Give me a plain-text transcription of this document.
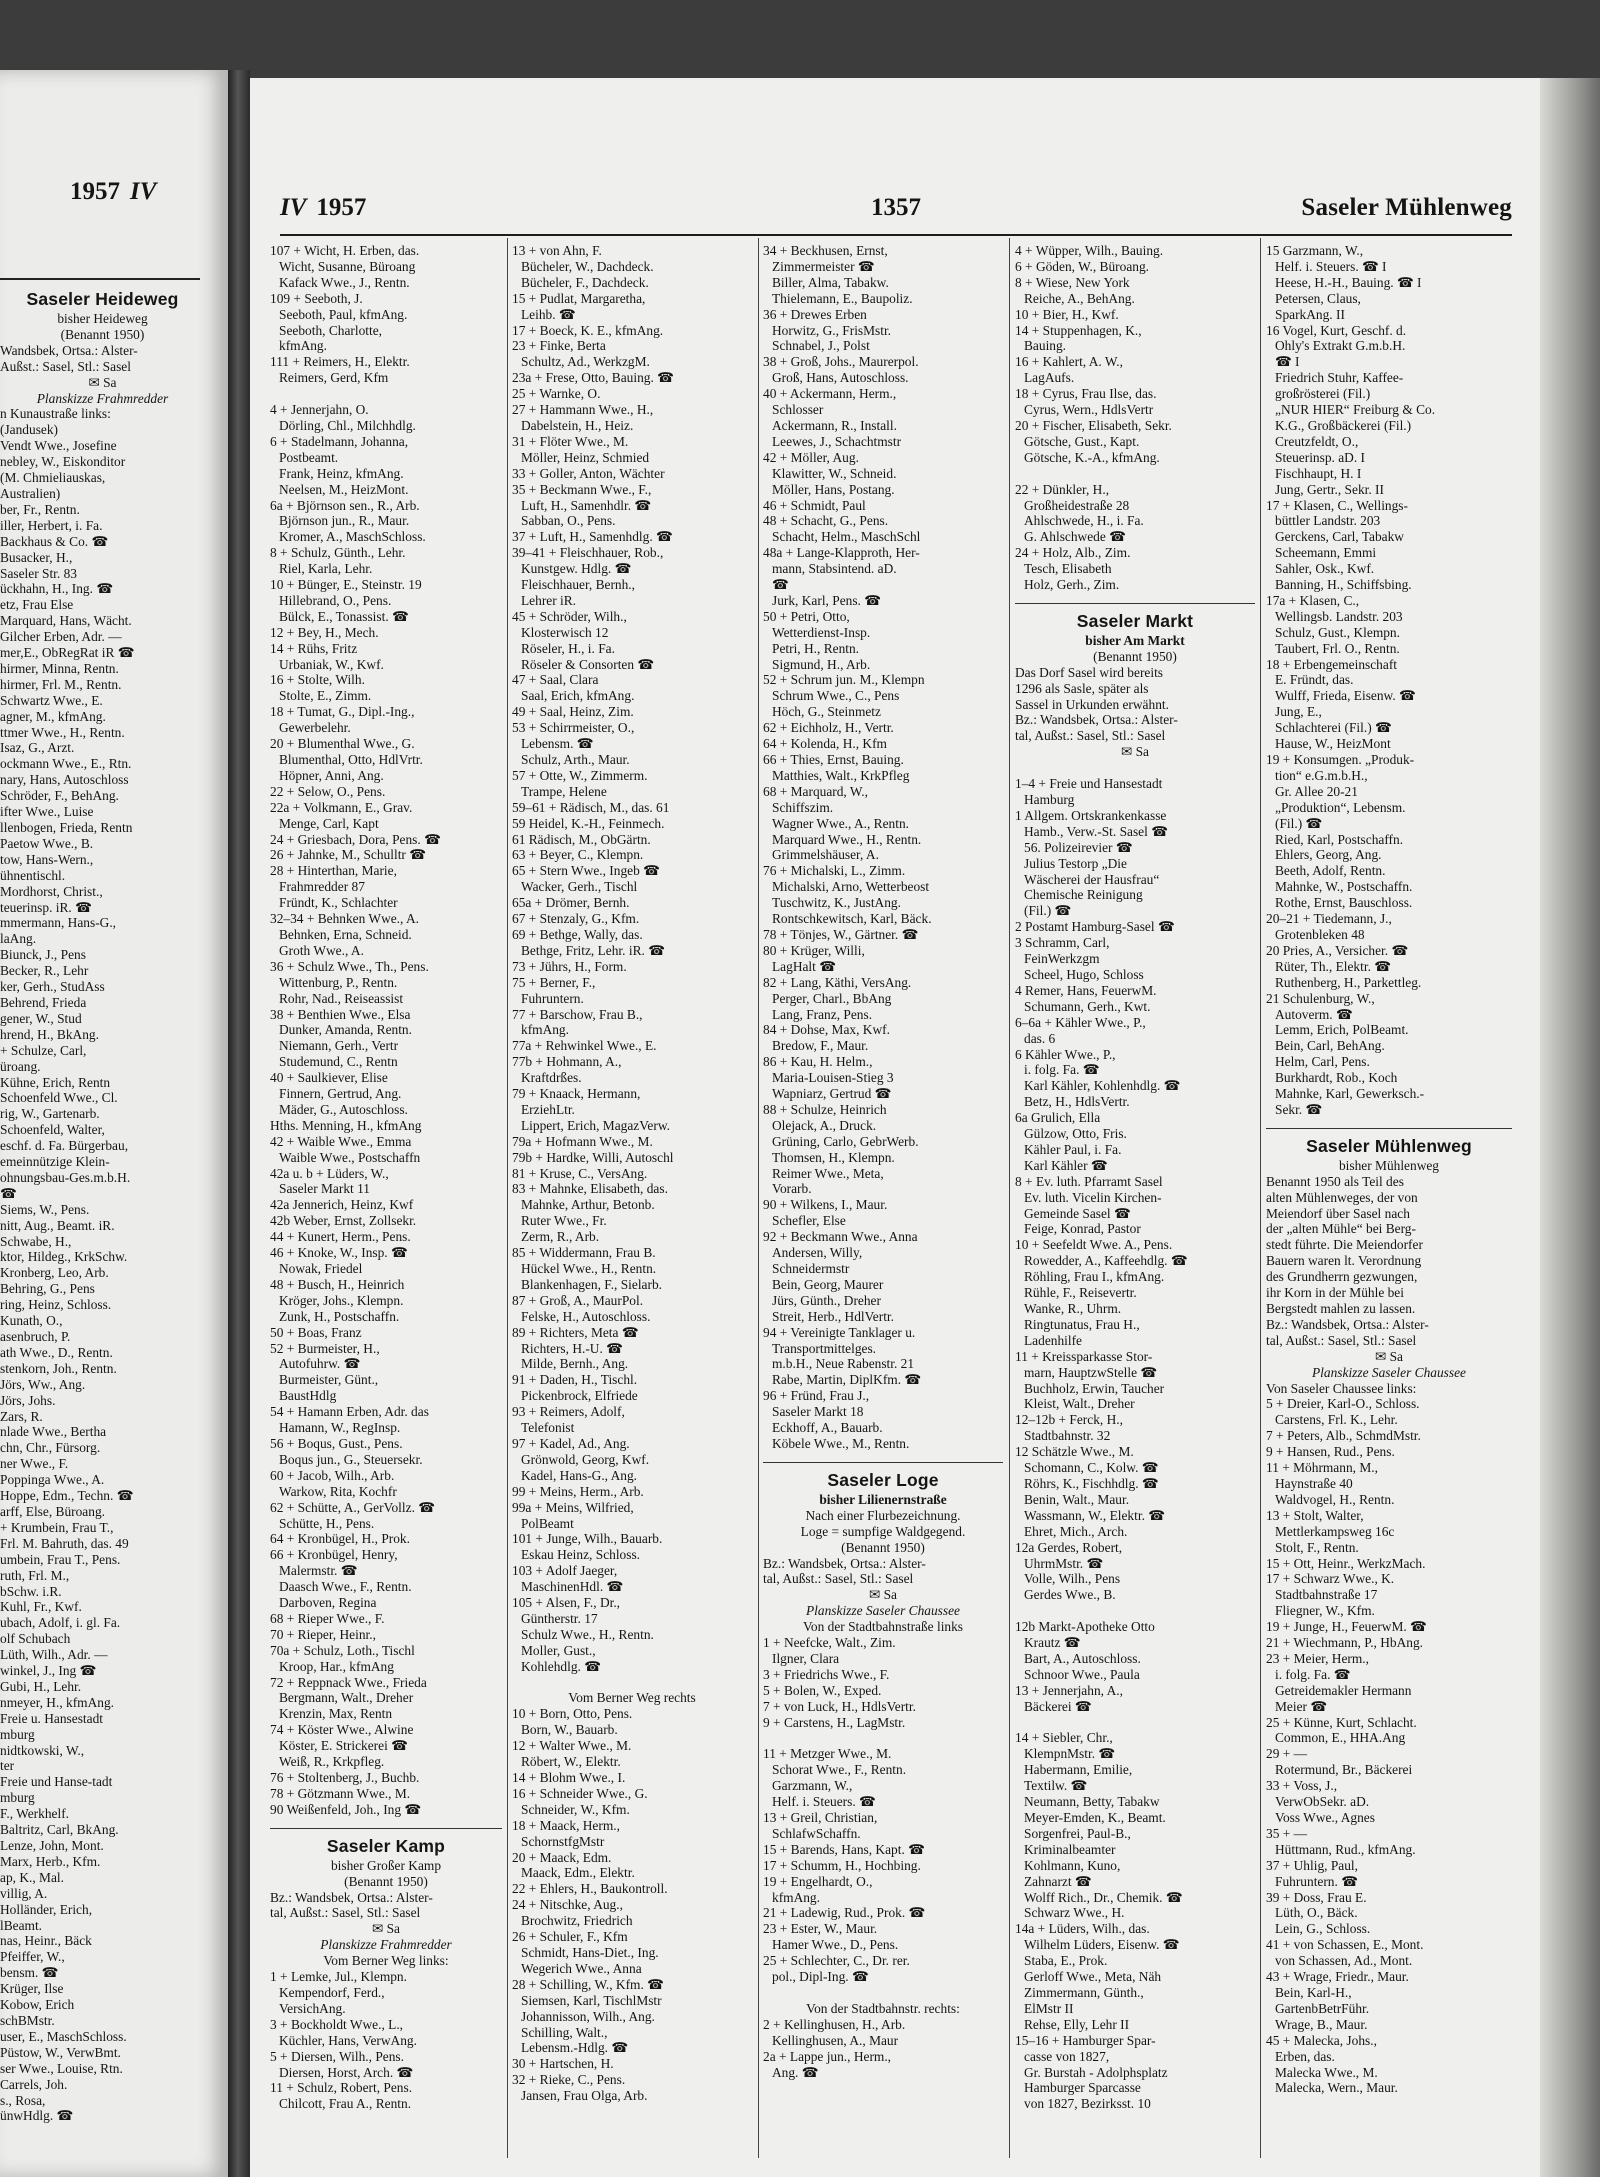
1957 IV
Saseler Heideweg
bisher Heideweg
(Benannt 1950)
Wandsbek, Ortsa.: Alster-
Außst.: Sasel, Stl.: Sasel
✉ Sa
Planskizze Frahmredder
n Kunaustraße links:
(Jandusek)
Vendt Wwe., Josefine
nebley, W., Eiskonditor
(M. Chmieliauskas,
Australien)
ber, Fr., Rentn.
iller, Herbert, i. Fa.
Backhaus & Co. ☎
Busacker, H.,
Saseler Str. 83
ückhahn, H., Ing. ☎
etz, Frau Else
Marquard, Hans, Wächt.
Gilcher Erben, Adr. —
mer,E., ObRegRat iR ☎
hirmer, Minna, Rentn.
hirmer, Frl. M., Rentn.
Schwartz Wwe., E.
agner, M., kfmAng.
ttmer Wwe., H., Rentn.
Isaz, G., Arzt.
ockmann Wwe., E., Rtn.
nary, Hans, Autoschloss
Schröder, F., BehAng.
ifter Wwe., Luise
llenbogen, Frieda, Rentn
Paetow Wwe., B.
tow, Hans-Wern.,
ühnentischl.
Mordhorst, Christ.,
teuerinsp. iR. ☎
mmermann, Hans-G.,
laAng.
Biunck, J., Pens
Becker, R., Lehr
ker, Gerh., StudAss
Behrend, Frieda
gener, W., Stud
hrend, H., BkAng.
+ Schulze, Carl,
üroang.
Kühne, Erich, Rentn
Schoenfeld Wwe., Cl.
rig, W., Gartenarb.
Schoenfeld, Walter,
eschf. d. Fa. Bürgerbau,
emeinnützige Klein-
ohnungsbau-Ges.m.b.H.
☎
Siems, W., Pens.
nitt, Aug., Beamt. iR.
Schwabe, H.,
ktor, Hildeg., KrkSchw.
Kronberg, Leo, Arb.
Behring, G., Pens
ring, Heinz, Schloss.
Kunath, O.,
asenbruch, P.
ath Wwe., D., Rentn.
stenkorn, Joh., Rentn.
Jörs, Ww., Ang.
Jörs, Johs.
Zars, R.
nlade Wwe., Bertha
chn, Chr., Fürsorg.
ner Wwe., F.
Poppinga Wwe., A.
Hoppe, Edm., Techn. ☎
arff, Else, Büroang.
+ Krumbein, Frau T.,
Frl. M. Bahruth, das. 49
umbein, Frau T., Pens.
ruth, Frl. M.,
bSchw. i.R.
Kuhl, Fr., Kwf.
ubach, Adolf, i. gl. Fa.
olf Schubach
Lüth, Wilh., Adr. —
winkel, J., Ing ☎
Gubi, H., Lehr.
nmeyer, H., kfmAng.
Freie u. Hansestadt
mburg
nidtkowski, W.,
ter
Freie und Hanse-tadt
mburg
F., Werkhelf.
Baltritz, Carl, BkAng.
Lenze, John, Mont.
Marx, Herb., Kfm.
ap, K., Mal.
villig, A.
Holländer, Erich,
lBeamt.
nas, Heinr., Bäck
Pfeiffer, W.,
bensm. ☎
Krüger, Ilse
Kobow, Erich
schBMstr.
user, E., MaschSchloss.
Püstow, W., VerwBmt.
ser Wwe., Louise, Rtn.
Carrels, Joh.
s., Rosa,
ünwHdlg. ☎
IV 1957	1357	Saseler Mühlenweg
107 + Wicht, H. Erben, das.
Wicht, Susanne, Büroang
Kafack Wwe., J., Rentn.
109 + Seeboth, J.
Seeboth, Paul, kfmAng.
Seeboth, Charlotte,
kfmAng.
111 + Reimers, H., Elektr.
Reimers, Gerd, Kfm

4 + Jennerjahn, O.
Dörling, Chl., Milchhdlg.
6 + Stadelmann, Johanna,
Postbeamt.
Frank, Heinz, kfmAng.
Neelsen, M., HeizMont.
6a + Björnson sen., R., Arb.
Björnson jun., R., Maur.
Kromer, A., MaschSchloss.
8 + Schulz, Günth., Lehr.
Riel, Karla, Lehr.
10 + Bünger, E., Steinstr. 19
Hillebrand, O., Pens.
Bülck, E., Tonassist. ☎
12 + Bey, H., Mech.
14 + Rühs, Fritz
Urbaniak, W., Kwf.
16 + Stolte, Wilh.
Stolte, E., Zimm.
18 + Tumat, G., Dipl.-Ing.,
Gewerbelehr.
20 + Blumenthal Wwe., G.
Blumenthal, Otto, HdlVrtr.
Höpner, Anni, Ang.
22 + Selow, O., Pens.
22a + Volkmann, E., Grav.
Menge, Carl, Kapt
24 + Griesbach, Dora, Pens. ☎
26 + Jahnke, M., Schulltr ☎
28 + Hinterthan, Marie,
Frahmredder 87
Fründt, K., Schlachter
32–34 + Behnken Wwe., A.
Behnken, Erna, Schneid.
Groth Wwe., A.
36 + Schulz Wwe., Th., Pens.
Wittenburg, P., Rentn.
Rohr, Nad., Reiseassist
38 + Benthien Wwe., Elsa
Dunker, Amanda, Rentn.
Niemann, Gerh., Vertr
Studemund, C., Rentn
40 + Saulkiever, Elise
Finnern, Gertrud, Ang.
Mäder, G., Autoschloss.
Hths. Menning, H., kfmAng
42 + Waible Wwe., Emma
Waible Wwe., Postschaffn
42a u. b + Lüders, W.,
Saseler Markt 11
42a Jennerich, Heinz, Kwf
42b Weber, Ernst, Zollsekr.
44 + Kunert, Herm., Pens.
46 + Knoke, W., Insp. ☎
Nowak, Friedel
48 + Busch, H., Heinrich
Kröger, Johs., Klempn.
Zunk, H., Postschaffn.
50 + Boas, Franz
52 + Burmeister, H.,
Autofuhrw. ☎
Burmeister, Günt.,
BaustHdlg
54 + Hamann Erben, Adr. das
Hamann, W., RegInsp.
56 + Boqus, Gust., Pens.
Boqus jun., G., Steuersekr.
60 + Jacob, Wilh., Arb.
Warkow, Rita, Kochfr
62 + Schütte, A., GerVollz. ☎
Schütte, H., Pens.
64 + Kronbügel, H., Prok.
66 + Kronbügel, Henry,
Malermstr. ☎
Daasch Wwe., F., Rentn.
Darboven, Regina
68 + Rieper Wwe., F.
70 + Rieper, Heinr.,
70a + Schulz, Loth., Tischl
Kroop, Har., kfmAng
72 + Reppnack Wwe., Frieda
Bergmann, Walt., Dreher
Krenzin, Max, Rentn
74 + Köster Wwe., Alwine
Köster, E. Strickerei ☎
Weiß, R., Krkpfleg.
76 + Stoltenberg, J., Buchb.
78 + Götzmann Wwe., M.
90 Weißenfeld, Joh., Ing ☎
Saseler Kamp
bisher Großer Kamp
(Benannt 1950)
Bz.: Wandsbek, Ortsa.: Alster-
tal, Außst.: Sasel, Stl.: Sasel
✉ Sa
Planskizze Frahmredder
Vom Berner Weg links:
1 + Lemke, Jul., Klempn.
Kempendorf, Ferd.,
VersichAng.
3 + Bockholdt Wwe., L.,
Küchler, Hans, VerwAng.
5 + Diersen, Wilh., Pens.
Diersen, Horst, Arch. ☎
11 + Schulz, Robert, Pens.
Chilcott, Frau A., Rentn.
13 + von Ahn, F.
Bücheler, W., Dachdeck.
Bücheler, F., Dachdeck.
15 + Pudlat, Margaretha,
Leihb. ☎
17 + Boeck, K. E., kfmAng.
23 + Finke, Berta
Schultz, Ad., WerkzgM.
23a + Frese, Otto, Bauing. ☎
25 + Warnke, O.
27 + Hammann Wwe., H.,
Dabelstein, H., Heiz.
31 + Flöter Wwe., M.
Möller, Heinz, Schmied
33 + Goller, Anton, Wächter
35 + Beckmann Wwe., F.,
Luft, H., Samenhdlr. ☎
Sabban, O., Pens.
37 + Luft, H., Samenhdlg. ☎
39–41 + Fleischhauer, Rob.,
Kunstgew. Hdlg. ☎
Fleischhauer, Bernh.,
Lehrer iR.
45 + Schröder, Wilh.,
Klosterwisch 12
Röseler, H., i. Fa.
Röseler & Consorten ☎
47 + Saal, Clara
Saal, Erich, kfmAng.
49 + Saal, Heinz, Zim.
53 + Schirrmeister, O.,
Lebensm. ☎
Schulz, Arth., Maur.
57 + Otte, W., Zimmerm.
Trampe, Helene
59–61 + Rädisch, M., das. 61
59 Heidel, K.-H., Feinmech.
61 Rädisch, M., ObGärtn.
63 + Beyer, C., Klempn.
65 + Stern Wwe., Ingeb ☎
Wacker, Gerh., Tischl
65a + Drömer, Bernh.
67 + Stenzaly, G., Kfm.
69 + Bethge, Wally, das.
Bethge, Fritz, Lehr. iR. ☎
73 + Jührs, H., Form.
75 + Berner, F.,
Fuhruntern.
77 + Barschow, Frau B.,
kfmAng.
77a + Rehwinkel Wwe., E.
77b + Hohmann, A.,
Kraftdrßes.
79 + Knaack, Hermann,
ErziehLtr.
Lippert, Erich, MagazVerw.
79a + Hofmann Wwe., M.
79b + Hardke, Willi, Autoschl
81 + Kruse, C., VersAng.
83 + Mahnke, Elisabeth, das.
Mahnke, Arthur, Betonb.
Ruter Wwe., Fr.
Zerm, R., Arb.
85 + Widdermann, Frau B.
Hückel Wwe., H., Rentn.
Blankenhagen, F., Sielarb.
87 + Groß, A., MaurPol.
Felske, H., Autoschloss.
89 + Richters, Meta ☎
Richters, H.-U. ☎
Milde, Bernh., Ang.
91 + Daden, H., Tischl.
Pickenbrock, Elfriede
93 + Reimers, Adolf,
Telefonist
97 + Kadel, Ad., Ang.
Grönwold, Georg, Kwf.
Kadel, Hans-G., Ang.
99 + Meins, Herm., Arb.
99a + Meins, Wilfried,
PolBeamt
101 + Junge, Wilh., Bauarb.
Eskau Heinz, Schloss.
103 + Adolf Jaeger,
MaschinenHdl. ☎
105 + Alsen, F., Dr.,
Güntherstr. 17
Schulz Wwe., H., Rentn.
Moller, Gust.,
Kohlehdlg. ☎

Vom Berner Weg rechts
10 + Born, Otto, Pens.
Born, W., Bauarb.
12 + Walter Wwe., M.
Röbert, W., Elektr.
14 + Blohm Wwe., I.
16 + Schneider Wwe., G.
Schneider, W., Kfm.
18 + Maack, Herm.,
SchornstfgMstr
20 + Maack, Edm.
Maack, Edm., Elektr.
22 + Ehlers, H., Baukontroll.
24 + Nitschke, Aug.,
Brochwitz, Friedrich
26 + Schuler, F., Kfm
Schmidt, Hans-Diet., Ing.
Wegerich Wwe., Anna
28 + Schilling, W., Kfm. ☎
Siemsen, Karl, TischlMstr
Johannisson, Wilh., Ang.
Schilling, Walt.,
Lebensm.-Hdlg. ☎
30 + Hartschen, H.
32 + Rieke, C., Pens.
Jansen, Frau Olga, Arb.
34 + Beckhusen, Ernst,
Zimmermeister ☎
Biller, Alma, Tabakw.
Thielemann, E., Baupoliz.
36 + Drewes Erben
Horwitz, G., FrisMstr.
Schnabel, J., Polst
38 + Groß, Johs., Maurerpol.
Groß, Hans, Autoschloss.
40 + Ackermann, Herm.,
Schlosser
Ackermann, R., Install.
Leewes, J., Schachtmstr
42 + Möller, Aug.
Klawitter, W., Schneid.
Möller, Hans, Postang.
46 + Schmidt, Paul
48 + Schacht, G., Pens.
Schacht, Helm., MaschSchl
48a + Lange-Klapproth, Her-
mann, Stabsintend. aD.
☎
Jurk, Karl, Pens. ☎
50 + Petri, Otto,
Wetterdienst-Insp.
Petri, H., Rentn.
Sigmund, H., Arb.
52 + Schrum jun. M., Klempn
Schrum Wwe., C., Pens
Höch, G., Steinmetz
62 + Eichholz, H., Vertr.
64 + Kolenda, H., Kfm
66 + Thies, Ernst, Bauing.
Matthies, Walt., KrkPfleg
68 + Marquard, W.,
Schiffszim.
Wagner Wwe., A., Rentn.
Marquard Wwe., H., Rentn.
Grimmelshäuser, A.
76 + Michalski, L., Zimm.
Michalski, Arno, Wetterbeost
Tuschwitz, K., JustAng.
Rontschkewitsch, Karl, Bäck.
78 + Tönjes, W., Gärtner. ☎
80 + Krüger, Willi,
LagHalt ☎
82 + Lang, Käthi, VersAng.
Perger, Charl., BbAng
Lang, Franz, Pens.
84 + Dohse, Max, Kwf.
Bredow, F., Maur.
86 + Kau, H. Helm.,
Maria-Louisen-Stieg 3
Wapniarz, Gertrud ☎
88 + Schulze, Heinrich
Olejack, A., Druck.
Grüning, Carlo, GebrWerb.
Thomsen, H., Klempn.
Reimer Wwe., Meta,
Vorarb.
90 + Wilkens, I., Maur.
Schefler, Else
92 + Beckmann Wwe., Anna
Andersen, Willy,
Schneidermstr
Bein, Georg, Maurer
Jürs, Günth., Dreher
Streit, Herb., HdlVertr.
94 + Vereinigte Tanklager u.
Transportmittelges.
m.b.H., Neue Rabenstr. 21
Rabe, Martin, DiplKfm. ☎
96 + Fründ, Frau J.,
Saseler Markt 18
Eckhoff, A., Bauarb.
Köbele Wwe., M., Rentn.
Saseler Loge
bisher Lilienernstraße
Nach einer Flurbezeichnung.
Loge = sumpfige Waldgegend.
(Benannt 1950)
Bz.: Wandsbek, Ortsa.: Alster-
tal, Außst.: Sasel, Stl.: Sasel
✉ Sa
Planskizze Saseler Chaussee
Von der Stadtbahnstraße links
1 + Neefcke, Walt., Zim.
Ilgner, Clara
3 + Friedrichs Wwe., F.
5 + Bolen, W., Exped.
7 + von Luck, H., HdlsVertr.
9 + Carstens, H., LagMstr.

11 + Metzger Wwe., M.
Schorat Wwe., F., Rentn.
Garzmann, W.,
Helf. i. Steuers. ☎
13 + Greil, Christian,
SchlafwSchaffn.
15 + Barends, Hans, Kapt. ☎
17 + Schumm, H., Hochbing.
19 + Engelhardt, O.,
kfmAng.
21 + Ladewig, Rud., Prok. ☎
23 + Ester, W., Maur.
Hamer Wwe., D., Pens.
25 + Schlechter, C., Dr. rer.
pol., Dipl-Ing. ☎

Von der Stadtbahnstr. rechts:
2 + Kellinghusen, H., Arb.
Kellinghusen, A., Maur
2a + Lappe jun., Herm.,
Ang. ☎
4 + Wüpper, Wilh., Bauing.
6 + Göden, W., Büroang.
8 + Wiese, New York
Reiche, A., BehAng.
10 + Bier, H., Kwf.
14 + Stuppenhagen, K.,
Bauing.
16 + Kahlert, A. W.,
LagAufs.
18 + Cyrus, Frau Ilse, das.
Cyrus, Wern., HdlsVertr
20 + Fischer, Elisabeth, Sekr.
Götsche, Gust., Kapt.
Götsche, K.-A., kfmAng.

22 + Dünkler, H.,
Großheidestraße 28
Ahlschwede, H., i. Fa.
G. Ahlschwede ☎
24 + Holz, Alb., Zim.
Tesch, Elisabeth
Holz, Gerh., Zim.
Saseler Markt
bisher Am Markt
(Benannt 1950)
Das Dorf Sasel wird bereits
1296 als Sasle, später als
Sassel in Urkunden erwähnt.
Bz.: Wandsbek, Ortsa.: Alster-
tal, Außst.: Sasel, Stl.: Sasel
✉ Sa

1–4 + Freie und Hansestadt
Hamburg
1 Allgem. Ortskrankenkasse
Hamb., Verw.-St. Sasel ☎
56. Polizeirevier ☎
Julius Testorp „Die
Wäscherei der Hausfrau“
Chemische Reinigung
(Fil.) ☎
2 Postamt Hamburg-Sasel ☎
3 Schramm, Carl,
FeinWerkzgm
Scheel, Hugo, Schloss
4 Remer, Hans, FeuerwM.
Schumann, Gerh., Kwt.
6–6a + Kähler Wwe., P.,
das. 6
6 Kähler Wwe., P.,
i. folg. Fa. ☎
Karl Kähler, Kohlenhdlg. ☎
Betz, H., HdlsVertr.
6a Grulich, Ella
Gülzow, Otto, Fris.
Kähler Paul, i. Fa.
Karl Kähler ☎
8 + Ev. luth. Pfarramt Sasel
Ev. luth. Vicelin Kirchen-
Gemeinde Sasel ☎
Feige, Konrad, Pastor
10 + Seefeldt Wwe. A., Pens.
Rowedder, A., Kaffeehdlg. ☎
Röhling, Frau I., kfmAng.
Rühle, F., Reisevertr.
Wanke, R., Uhrm.
Ringtunatus, Frau H.,
Ladenhilfe
11 + Kreissparkasse Stor-
marn, HauptzwStelle ☎
Buchholz, Erwin, Taucher
Kleist, Walt., Dreher
12–12b + Ferck, H.,
Stadtbahnstr. 32
12 Schätzle Wwe., M.
Schomann, C., Kolw. ☎
Röhrs, K., Fischhdlg. ☎
Benin, Walt., Maur.
Wassmann, W., Elektr. ☎
Ehret, Mich., Arch.
12a Gerdes, Robert,
UhrmMstr. ☎
Volle, Wilh., Pens
Gerdes Wwe., B.

12b Markt-Apotheke Otto
Krautz ☎
Bart, A., Autoschloss.
Schnoor Wwe., Paula
13 + Jennerjahn, A.,
Bäckerei ☎

14 + Siebler, Chr.,
KlempnMstr. ☎
Habermann, Emilie,
Textilw. ☎
Neumann, Betty, Tabakw
Meyer-Emden, K., Beamt.
Sorgenfrei, Paul-B.,
Kriminalbeamter
Kohlmann, Kuno,
Zahnarzt ☎
Wolff Rich., Dr., Chemik. ☎
Schwarz Wwe., H.
14a + Lüders, Wilh., das.
Wilhelm Lüders, Eisenw. ☎
Staba, E., Prok.
Gerloff Wwe., Meta, Näh
Zimmermann, Günth.,
ElMstr II
Rehse, Elly, Lehr II
15–16 + Hamburger Spar-
casse von 1827,
Gr. Burstah - Adolphsplatz
Hamburger Sparcasse
von 1827, Bezirksst. 10
15 Garzmann, W.,
Helf. i. Steuers. ☎ I
Heese, H.-H., Bauing. ☎ I
Petersen, Claus,
SparkAng. II
16 Vogel, Kurt, Geschf. d.
Ohly's Extrakt G.m.b.H.
☎ I
Friedrich Stuhr, Kaffee-
großrösterei (Fil.)
„NUR HIER“ Freiburg & Co.
K.G., Großbäckerei (Fil.)
Creutzfeldt, O.,
Steuerinsp. aD. I
Fischhaupt, H. I
Jung, Gertr., Sekr. II
17 + Klasen, C., Wellings-
büttler Landstr. 203
Gerckens, Carl, Tabakw
Scheemann, Emmi
Sahler, Osk., Kwf.
Banning, H., Schiffsbing.
17a + Klasen, C.,
Wellingsb. Landstr. 203
Schulz, Gust., Klempn.
Taubert, Frl. O., Rentn.
18 + Erbengemeinschaft
E. Fründt, das.
Wulff, Frieda, Eisenw. ☎
Jung, E.,
Schlachterei (Fil.) ☎
Hause, W., HeizMont
19 + Konsumgen. „Produk-
tion“ e.G.m.b.H.,
Gr. Allee 20-21
„Produktion“, Lebensm.
(Fil.) ☎
Ried, Karl, Postschaffn.
Ehlers, Georg, Ang.
Beeth, Adolf, Rentn.
Mahnke, W., Postschaffn.
Rothe, Ernst, Bauschloss.
20–21 + Tiedemann, J.,
Grotenbleken 48
20 Pries, A., Versicher. ☎
Rüter, Th., Elektr. ☎
Ruthenberg, H., Parkettleg.
21 Schulenburg, W.,
Autoverm. ☎
Lemm, Erich, PolBeamt.
Bein, Carl, BehAng.
Helm, Carl, Pens.
Burkhardt, Rob., Koch
Mahnke, Karl, Gewerksch.-
Sekr. ☎
Saseler Mühlenweg
bisher Mühlenweg
Benannt 1950 als Teil des
alten Mühlenweges, der von
Meiendorf über Sasel nach
der „alten Mühle“ bei Berg-
stedt führte. Die Meiendorfer
Bauern waren lt. Verordnung
des Grundherrn gezwungen,
ihr Korn in der Mühle bei
Bergstedt mahlen zu lassen.
Bz.: Wandsbek, Ortsa.: Alster-
tal, Außst.: Sasel, Stl.: Sasel
✉ Sa
Planskizze Saseler Chaussee
Von Saseler Chaussee links:
5 + Dreier, Karl-O., Schloss.
Carstens, Frl. K., Lehr.
7 + Peters, Alb., SchmdMstr.
9 + Hansen, Rud., Pens.
11 + Möhrmann, M.,
Haynstraße 40
Waldvogel, H., Rentn.
13 + Stolt, Walter,
Mettlerkampsweg 16c
Stolt, F., Rentn.
15 + Ott, Heinr., WerkzMach.
17 + Schwarz Wwe., K.
Stadtbahnstraße 17
Fliegner, W., Kfm.
19 + Junge, H., FeuerwM. ☎
21 + Wiechmann, P., HbAng.
23 + Meier, Herm.,
i. folg. Fa. ☎
Getreidemakler Hermann
Meier ☎
25 + Künne, Kurt, Schlacht.
Common, E., HHA.Ang
29 + —
Rotermund, Br., Bäckerei
33 + Voss, J.,
VerwObSekr. aD.
Voss Wwe., Agnes
35 + —
Hüttmann, Rud., kfmAng.
37 + Uhlig, Paul,
Fuhruntern. ☎
39 + Doss, Frau E.
Lüth, O., Bäck.
Lein, G., Schloss.
41 + von Schassen, E., Mont.
von Schassen, Ad., Mont.
43 + Wrage, Friedr., Maur.
Bein, Karl-H.,
GartenbBetrFühr.
Wrage, B., Maur.
45 + Malecka, Johs.,
Erben, das.
Malecka Wwe., M.
Malecka, Wern., Maur.
